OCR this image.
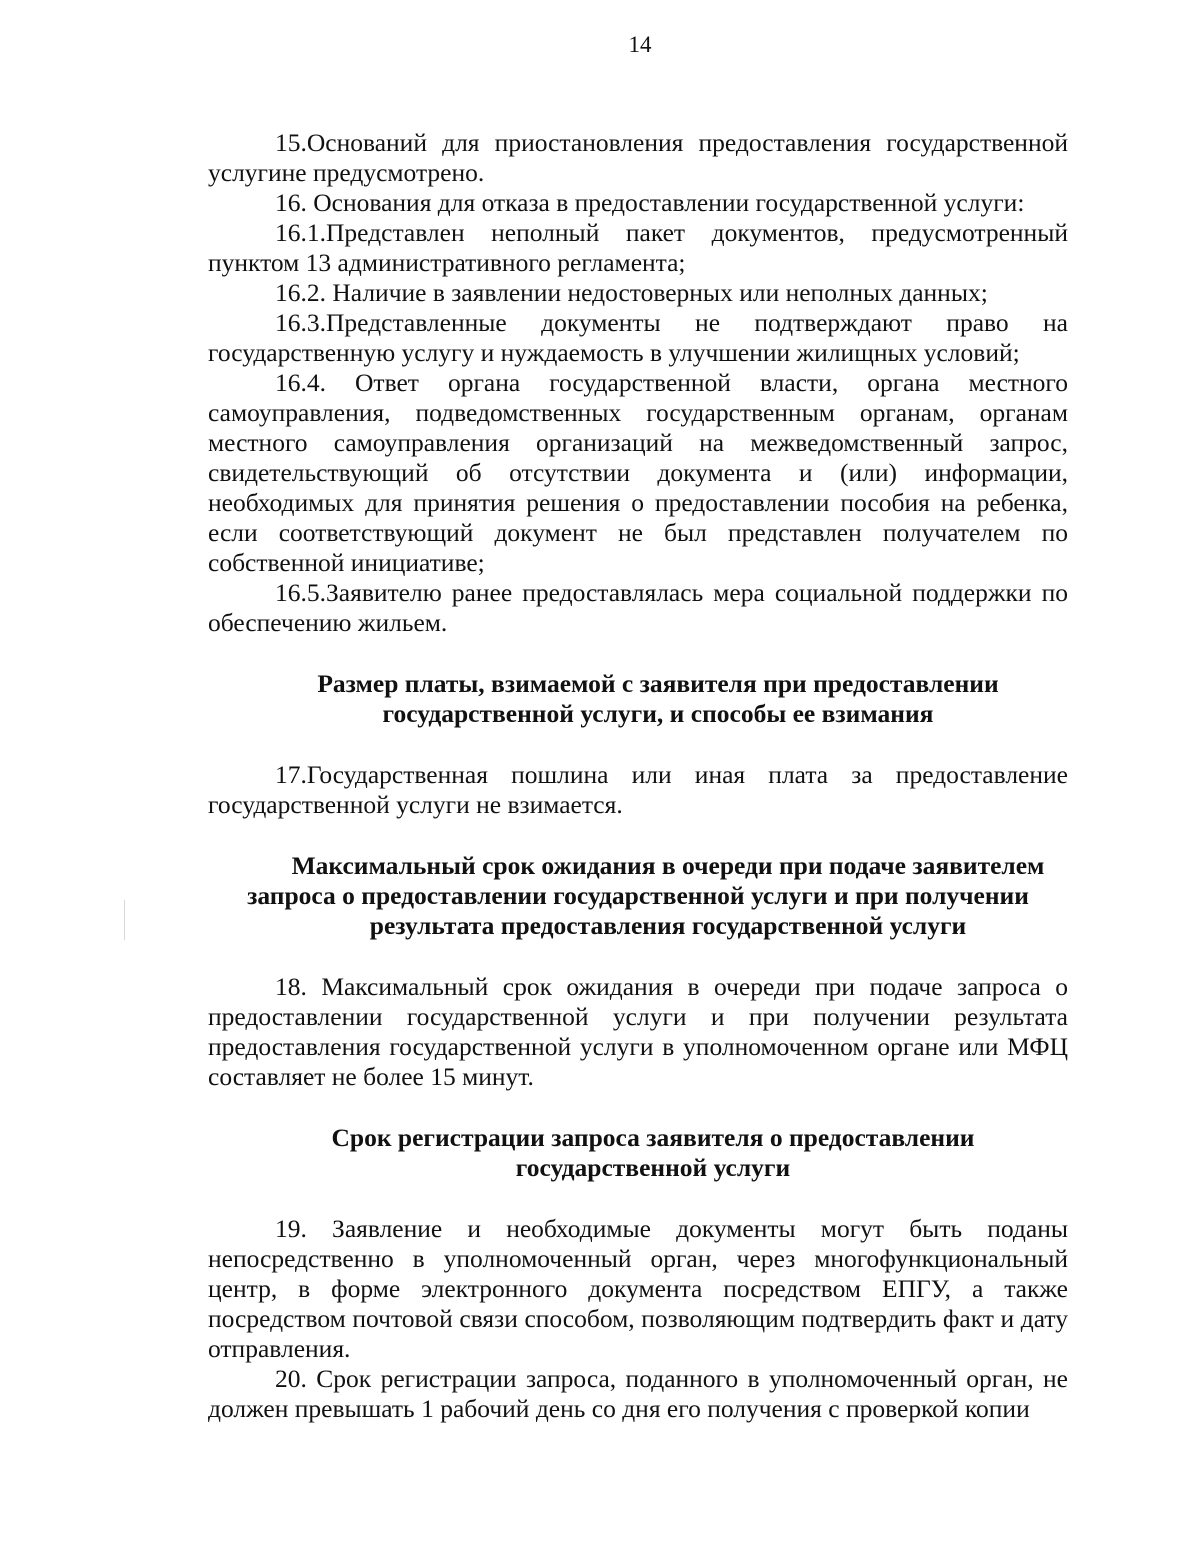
14

15.Оснований для приостановления предоставления государственной услугине предусмотрено.

16. Основания для отказа в предоставлении государственной услуги:

16.1.Представлен неполный пакет документов, предусмотренный пунктом 13 административного регламента;

16.2. Наличие в заявлении недостоверных или неполных данных;

16.3.Представленные документы не подтверждают право на государственную услугу и нуждаемость в улучшении жилищных условий;

16.4. Ответ органа государственной власти, органа местного самоуправления, подведомственных государственным органам, органам местного самоуправления организаций на межведомственный запрос, свидетельствующий об отсутствии документа и (или) информации, необходимых для принятия решения о предоставлении пособия на ребенка, если соответствующий документ не был представлен получателем по собственной инициативе;

16.5.Заявителю ранее предоставлялась мера социальной поддержки по обеспечению жильем.

Размер платы, взимаемой с заявителя при предоставлении
государственной услуги, и способы ее взимания

17.Государственная пошлина или иная плата за предоставление государственной услуги не взимается.

Максимальный срок ожидания в очереди при подаче заявителем
запроса о предоставлении государственной услуги и при получении
результата предоставления государственной услуги

18. Максимальный срок ожидания в очереди при подаче запроса о предоставлении государственной услуги и при получении результата предоставления государственной услуги в уполномоченном органе или МФЦ составляет не более 15 минут.

Срок регистрации запроса заявителя о предоставлении
государственной услуги

19. Заявление и необходимые документы могут быть поданы непосредственно в уполномоченный орган, через многофункциональный центр, в форме электронного документа посредством ЕПГУ, а также посредством почтовой связи способом, позволяющим подтвердить факт и дату отправления.

20. Срок регистрации запроса, поданного в уполномоченный орган, не должен превышать 1 рабочий день со дня его получения с проверкой копии
